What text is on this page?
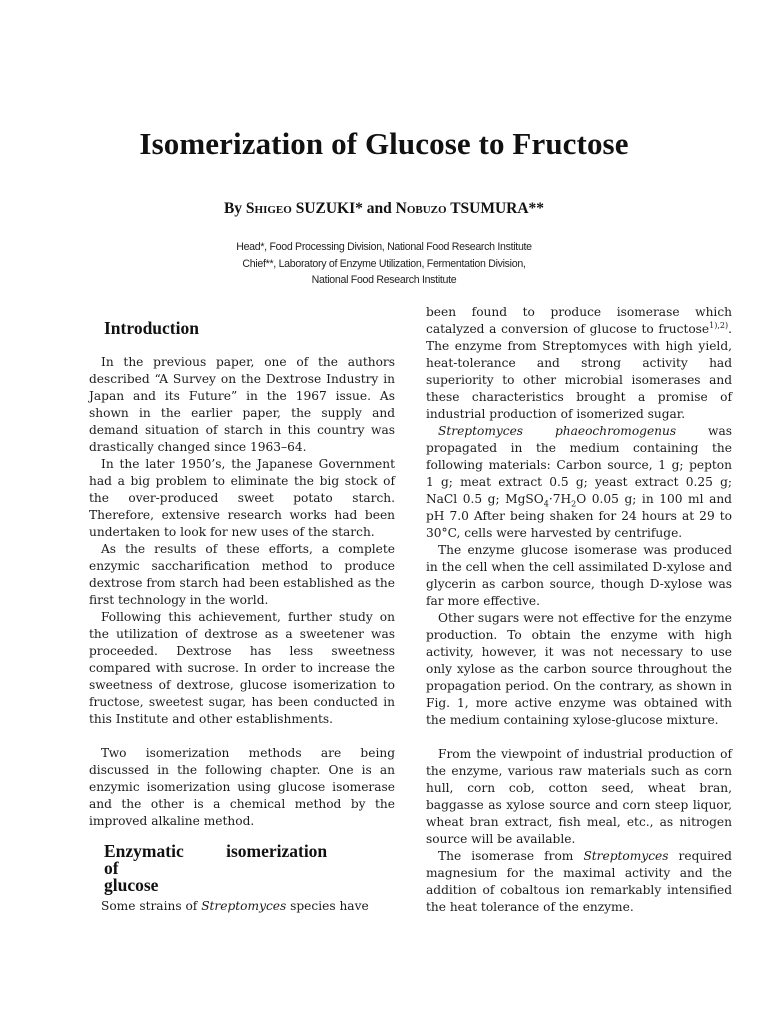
Isomerization of Glucose to Fructose
By Shigeo SUZUKI* and Nobuzo TSUMURA**
Head*, Food Processing Division, National Food Research Institute
Chief**, Laboratory of Enzyme Utilization, Fermentation Division,
National Food Research Institute
Introduction

In the previous paper, one of the authors described “A Survey on the Dextrose Industry in Japan and its Future” in the 1967 issue. As shown in the earlier paper, the supply and demand situation of starch in this country was drastically changed since 1963–64.

In the later 1950’s, the Japanese Government had a big problem to eliminate the big stock of the over-produced sweet potato starch. Therefore, extensive research works had been undertaken to look for new uses of the starch.

As the results of these efforts, a complete enzymic saccharification method to produce dextrose from starch had been established as the first technology in the world.

Following this achievement, further study on the utilization of dextrose as a sweetener was proceeded. Dextrose has less sweetness compared with sucrose. In order to increase the sweetness of dextrose, glucose isomerization to fructose, sweetest sugar, has been conducted in this Institute and other establishments.

Two isomerization methods are being discussed in the following chapter. One is an enzymic isomerization using glucose isomerase and the other is a chemical method by the improved alkaline method.

Enzymatic isomerization of
glucose

Some strains of Streptomyces species have

been found to produce isomerase which catalyzed a conversion of glucose to fructose$^{1),2)}$. The enzyme from Streptomyces with high yield, heat-tolerance and strong activity had superiority to other microbial isomerases and these characteristics brought a promise of industrial production of isomerized sugar.

Streptomyces phaeochromogenus was propagated in the medium containing the following materials: Carbon source, 1 g; pepton 1 g; meat extract 0.5 g; yeast extract 0.25 g; NaCl 0.5 g; $MgSO_4\cdot 7H_2O$ 0.05 g; in 100 ml and pH 7.0 After being shaken for 24 hours at 29 to 30°C, cells were harvested by centrifuge.

The enzyme glucose isomerase was produced in the cell when the cell assimilated D-xylose and glycerin as carbon source, though D-xylose was far more effective.

Other sugars were not effective for the enzyme production. To obtain the enzyme with high activity, however, it was not necessary to use only xylose as the carbon source throughout the propagation period. On the contrary, as shown in Fig. 1, more active enzyme was obtained with the medium containing xylose-glucose mixture.

From the viewpoint of industrial production of the enzyme, various raw materials such as corn hull, corn cob, cotton seed, wheat bran, baggasse as xylose source and corn steep liquor, wheat bran extract, fish meal, etc., as nitrogen source will be available.

The isomerase from Streptomyces required magnesium for the maximal activity and the addition of cobaltous ion remarkably intensified the heat tolerance of the enzyme.
